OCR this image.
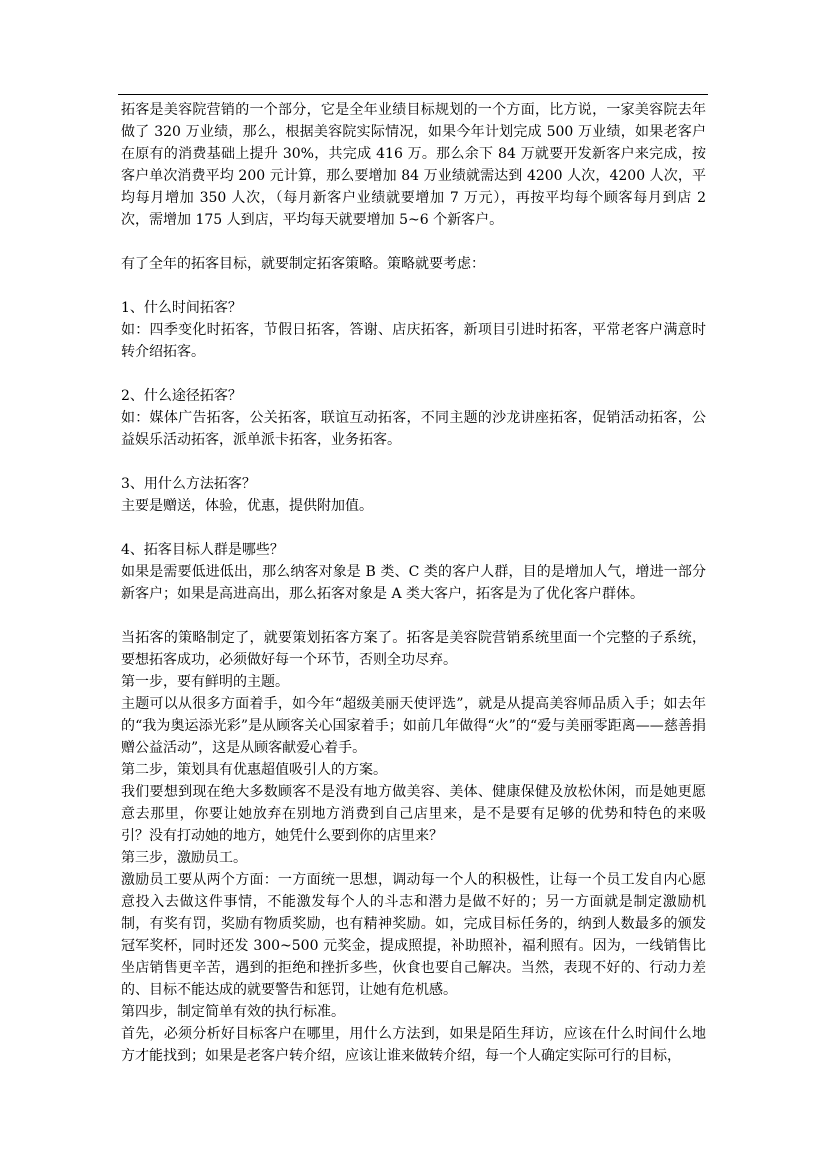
拓客是美容院营销的一个部分，它是全年业绩目标规划的一个方面，比方说，一家美容院去年做了 320 万业绩，那么，根据美容院实际情况，如果今年计划完成 500 万业绩，如果老客户在原有的消费基础上提升 30%，共完成 416 万。那么余下 84 万就要开发新客户来完成，按客户单次消费平均 200 元计算，那么要增加 84 万业绩就需达到 4200 人次，4200 人次，平均每月增加 350 人次，（每月新客户业绩就要增加 7 万元），再按平均每个顾客每月到店 2 次，需增加 175 人到店，平均每天就要增加 5~6 个新客户。

有了全年的拓客目标，就要制定拓客策略。策略就要考虑：

1、什么时间拓客？

如：四季变化时拓客，节假日拓客，答谢、店庆拓客，新项目引进时拓客，平常老客户满意时转介绍拓客。

2、什么途径拓客？

如：媒体广告拓客，公关拓客，联谊互动拓客，不同主题的沙龙讲座拓客，促销活动拓客，公益娱乐活动拓客，派单派卡拓客，业务拓客。

3、用什么方法拓客？

主要是赠送，体验，优惠，提供附加值。

4、拓客目标人群是哪些？

如果是需要低进低出，那么纳客对象是 B 类、C 类的客户人群，目的是增加人气，增进一部分新客户；如果是高进高出，那么拓客对象是 A 类大客户，拓客是为了优化客户群体。

当拓客的策略制定了，就要策划拓客方案了。拓客是美容院营销系统里面一个完整的子系统，要想拓客成功，必须做好每一个环节，否则全功尽弃。

第一步，要有鲜明的主题。

主题可以从很多方面着手，如今年“超级美丽天使评选”，就是从提高美容师品质入手；如去年的“我为奥运添光彩”是从顾客关心国家着手；如前几年做得“火”的“爱与美丽零距离——慈善捐赠公益活动”，这是从顾客献爱心着手。

第二步，策划具有优惠超值吸引人的方案。

我们要想到现在绝大多数顾客不是没有地方做美容、美体、健康保健及放松休闲，而是她更愿意去那里，你要让她放弃在别地方消费到自己店里来，是不是要有足够的优势和特色的来吸引？没有打动她的地方，她凭什么要到你的店里来？

第三步，激励员工。

激励员工要从两个方面：一方面统一思想，调动每一个人的积极性，让每一个员工发自内心愿意投入去做这件事情，不能激发每个人的斗志和潜力是做不好的；另一方面就是制定激励机制，有奖有罚，奖励有物质奖励，也有精神奖励。如，完成目标任务的，纳到人数最多的颁发冠军奖杯，同时还发 300~500 元奖金，提成照提，补助照补，福利照有。因为，一线销售比坐店销售更辛苦，遇到的拒绝和挫折多些，伙食也要自己解决。当然，表现不好的、行动力差的、目标不能达成的就要警告和惩罚，让她有危机感。

第四步，制定简单有效的执行标准。

首先，必须分析好目标客户在哪里，用什么方法到，如果是陌生拜访，应该在什么时间什么地方才能找到；如果是老客户转介绍，应该让谁来做转介绍，每一个人确定实际可行的目标，
